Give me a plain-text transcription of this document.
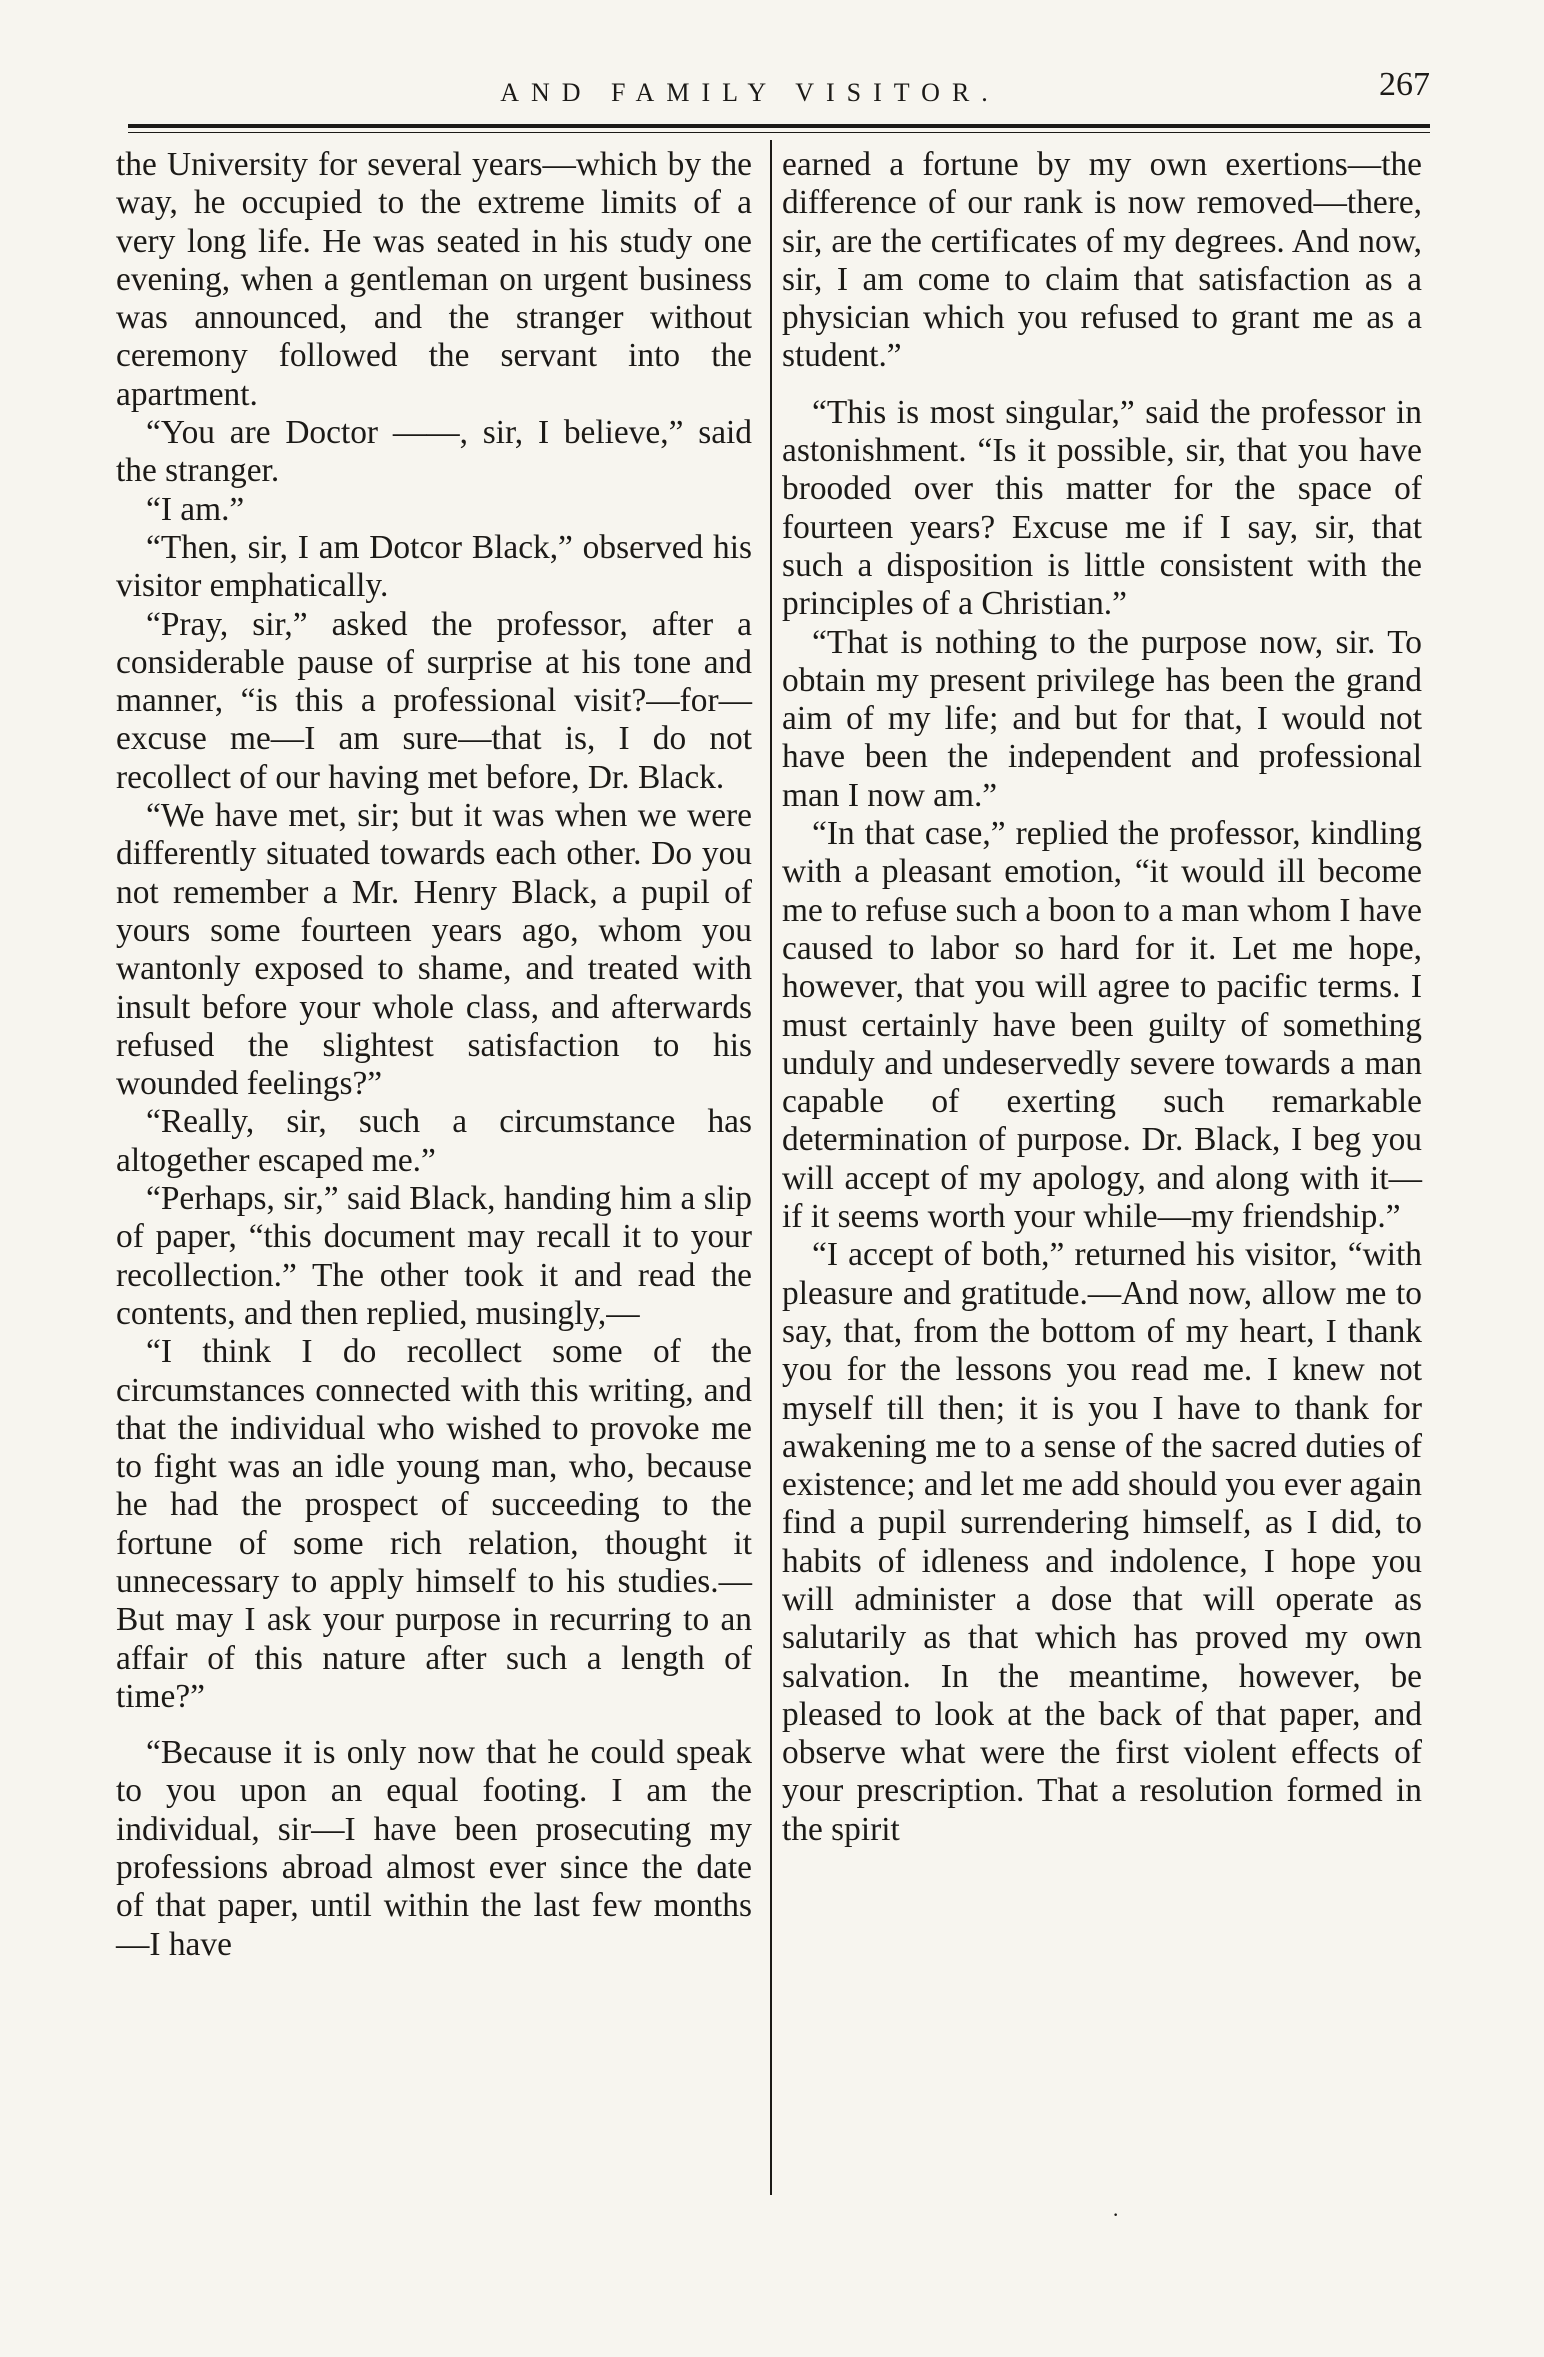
AND FAMILY VISITOR.	267

the University for several years—which by the way, he occupied to the extreme limits of a very long life. He was seated in his study one evening, when a gentleman on urgent business was announced, and the stranger without ceremony followed the servant into the apartment.

“You are Doctor ——, sir, I believe,” said the stranger.

“I am.”

“Then, sir, I am Dotcor Black,” observed his visitor emphatically.

“Pray, sir,” asked the professor, after a considerable pause of surprise at his tone and manner, “is this a professional visit?—for—excuse me—I am sure—that is, I do not recollect of our having met before, Dr. Black.

“We have met, sir; but it was when we were differently situated towards each other. Do you not remember a Mr. Henry Black, a pupil of yours some fourteen years ago, whom you wantonly exposed to shame, and treated with insult before your whole class, and afterwards refused the slightest satisfaction to his wounded feelings?”

“Really, sir, such a circumstance has altogether escaped me.”

“Perhaps, sir,” said Black, handing him a slip of paper, “this document may recall it to your recollection.” The other took it and read the contents, and then replied, musingly,—

“I think I do recollect some of the circumstances connected with this writing, and that the individual who wished to provoke me to fight was an idle young man, who, because he had the prospect of succeeding to the fortune of some rich relation, thought it unnecessary to apply himself to his studies.—But may I ask your purpose in recurring to an affair of this nature after such a length of time?”

“Because it is only now that he could speak to you upon an equal footing. I am the individual, sir—I have been prosecuting my professions abroad almost ever since the date of that paper, until within the last few months—I have

earned a fortune by my own exertions—the difference of our rank is now removed—there, sir, are the certificates of my degrees. And now, sir, I am come to claim that satisfaction as a physician which you refused to grant me as a student.”

“This is most singular,” said the professor in astonishment. “Is it possible, sir, that you have brooded over this matter for the space of fourteen years? Excuse me if I say, sir, that such a disposition is little consistent with the principles of a Christian.”

“That is nothing to the purpose now, sir. To obtain my present privilege has been the grand aim of my life; and but for that, I would not have been the independent and professional man I now am.”

“In that case,” replied the professor, kindling with a pleasant emotion, “it would ill become me to refuse such a boon to a man whom I have caused to labor so hard for it. Let me hope, however, that you will agree to pacific terms. I must certainly have been guilty of something unduly and undeservedly severe towards a man capable of exerting such remarkable determination of purpose. Dr. Black, I beg you will accept of my apology, and along with it—if it seems worth your while—my friendship.”

“I accept of both,” returned his visitor, “with pleasure and gratitude.—And now, allow me to say, that, from the bottom of my heart, I thank you for the lessons you read me. I knew not myself till then; it is you I have to thank for awakening me to a sense of the sacred duties of existence; and let me add should you ever again find a pupil surrendering himself, as I did, to habits of idleness and indolence, I hope you will administer a dose that will operate as salutarily as that which has proved my own salvation. In the meantime, however, be pleased to look at the back of that paper, and observe what were the first violent effects of your prescription. That a resolution formed in the spirit

·
